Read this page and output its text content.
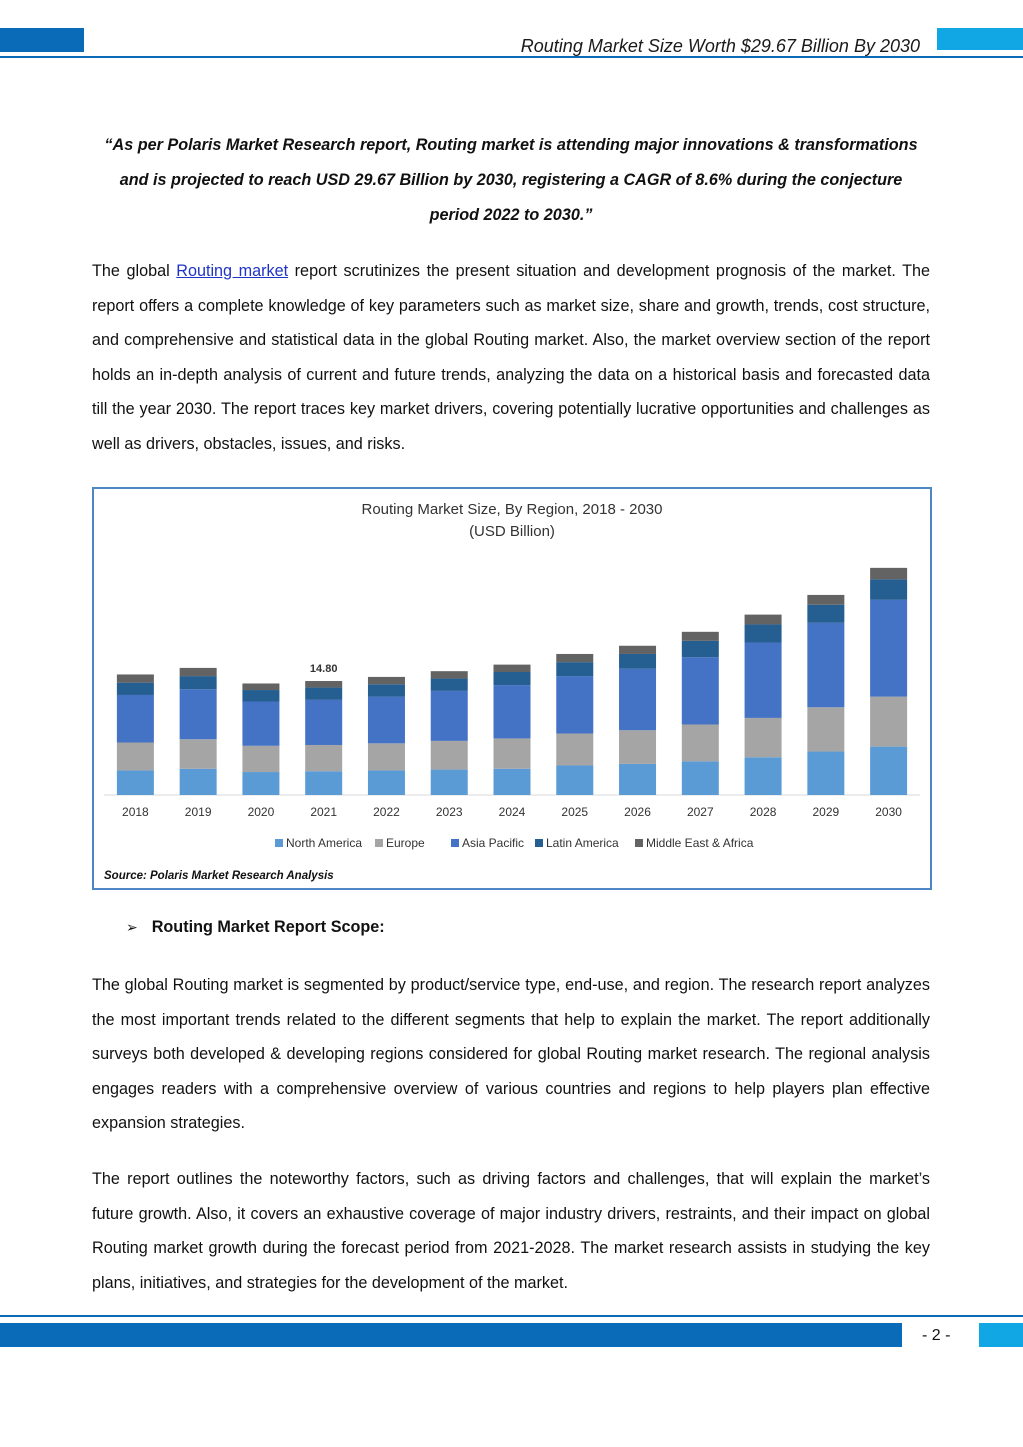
Routing Market Size Worth $29.67 Billion By 2030
“As per Polaris Market Research report, Routing market is attending major innovations & transformations
and is projected to reach USD 29.67 Billion by 2030, registering a CAGR of 8.6% during the conjecture
period 2022 to 2030.”

The global Routing market report scrutinizes the present situation and development prognosis of the market. The report offers a complete knowledge of key parameters such as market size, share and growth, trends, cost structure, and comprehensive and statistical data in the global Routing market. Also, the market overview section of the report holds an in-depth analysis of current and future trends, analyzing the data on a historical basis and forecasted data till the year 2030. The report traces key market drivers, covering potentially lucrative opportunities and challenges as well as drivers, obstacles, issues, and risks.

Routing Market Size, By Region, 2018 - 2030
(USD Billion)
2018	2019	2020	2021
14.80
2022	2023	2024	2025	2026	2027	2028	2029	2030
North America Europe	Asia Pacific Latin America Middle East & Africa
Source: Polaris Market Research Analysis
➢ Routing Market Report Scope:

The global Routing market is segmented by product/service type, end-use, and region. The research report analyzes the most important trends related to the different segments that help to explain the market. The report additionally surveys both developed & developing regions considered for global Routing market research. The regional analysis engages readers with a comprehensive overview of various countries and regions to help players plan effective expansion strategies.

The report outlines the noteworthy factors, such as driving factors and challenges, that will explain the market’s future growth. Also, it covers an exhaustive coverage of major industry drivers, restraints, and their impact on global Routing market growth during the forecast period from 2021-2028. The market research assists in studying the key plans, initiatives, and strategies for the development of the market.

- 2 -
